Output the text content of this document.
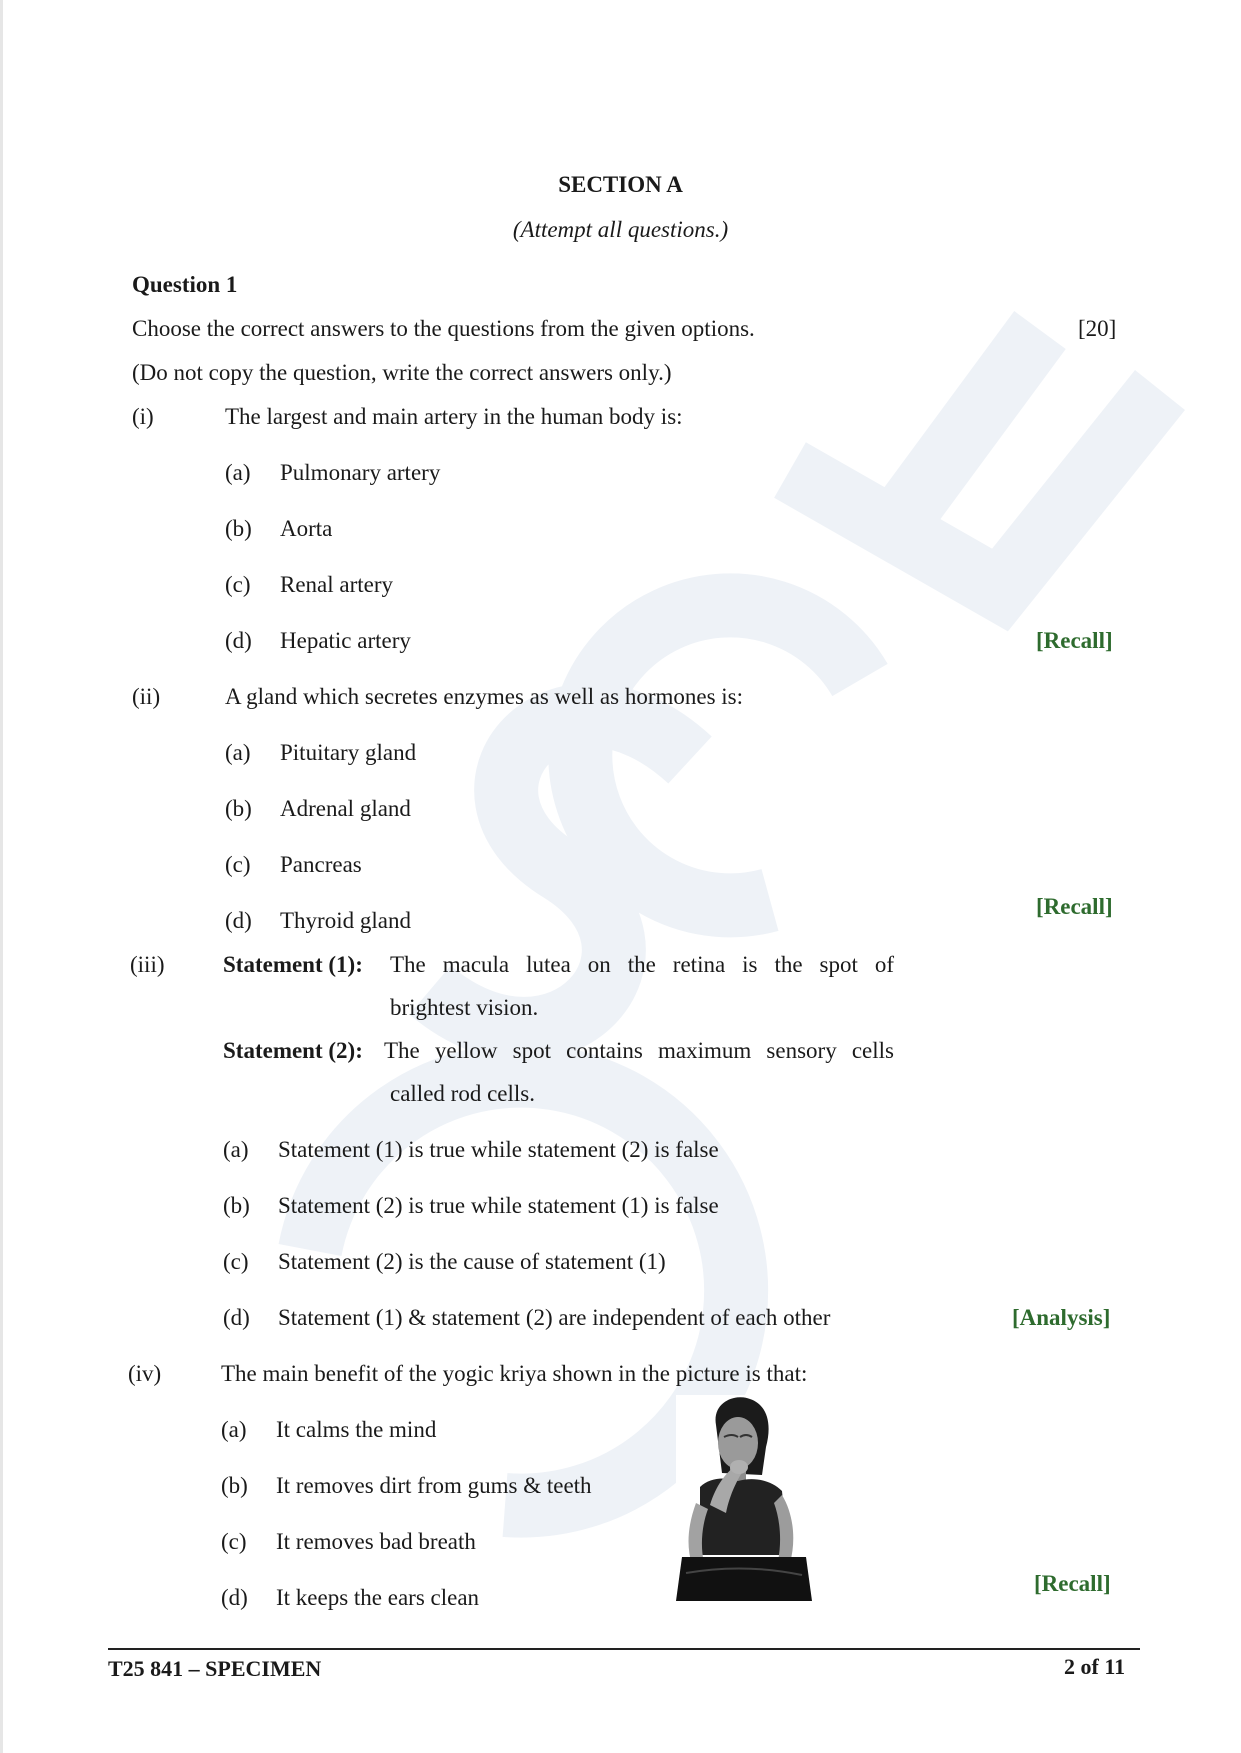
SECTION A
(Attempt all questions.)
Question 1
Choose the correct answers to the questions from the given options.	[20]
(Do not copy the question, write the correct answers only.)
(i)	The largest and main artery in the human body is:
(a) Pulmonary artery
(b) Aorta
(c) Renal artery
(d) Hepatic artery	[Recall]
(ii)	A gland which secretes enzymes as well as hormones is:
(a) Pituitary gland
(b) Adrenal gland
(c) Pancreas
(d) Thyroid gland
[Recall]
(iii)	Statement (1): The macula lutea on the retina is the spot of
brightest vision.
Statement (2): The yellow spot contains maximum sensory cells
called rod cells.
(a) Statement (1) is true while statement (2) is false
(b) Statement (2) is true while statement (1) is false
(c) Statement (2) is the cause of statement (1)
(d) Statement (1) & statement (2) are independent of each other	[Analysis]
(iv)	The main benefit of the yogic kriya shown in the picture is that:
(a) It calms the mind
(b) It removes dirt from gums & teeth
(c) It removes bad breath
(d) It keeps the ears clean
[Recall]
T25 841 – SPECIMEN	2 of 11
